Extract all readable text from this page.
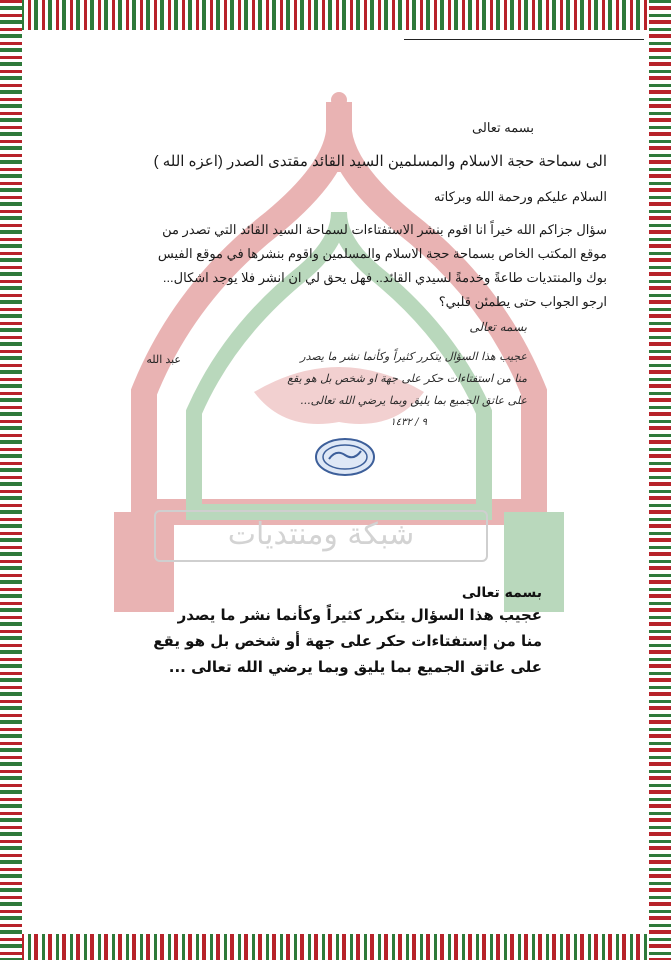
شبكة ومنتديات
بسمه تعالى
الى سماحة حجة الاسلام والمسلمين السيد القائد مقتدى الصدر (اعزه الله )
السلام عليكم ورحمة الله وبركاته
سؤال جزاكم الله خيراً انا اقوم بنشر الاستفتاءات لسماحة السيد القائد التي تصدر من موقع المكتب الخاص بسماحة حجة الاسلام والمسلمين واقوم بنشرها في موقع الفيس بوك والمنتديات طاعةً وخدمةً لسيدي القائد.. فهل يحق لي ان انشر فلا يوجد اشكال... ارجو الجواب حتى يطمئن قلبي؟
بسمه تعالى
عجيب هذا السؤال يتكرر كثيراً وكأنما نشر ما يصدر
منا من استفتاءات حكر على جهة او شخص بل هو يقع
على عاتق الجميع بما يليق وبما يرضي الله تعالى...
٩ / ١٤٣٢
عبد الله
بسمه تعالى
عجيب هذا السؤال يتكرر كثيراً وكأنما نشر ما يصدر
منا من إستفتاءات حكر على جهة أو شخص بل هو يقع
على عاتق الجميع بما يليق وبما يرضي الله تعالى ...
